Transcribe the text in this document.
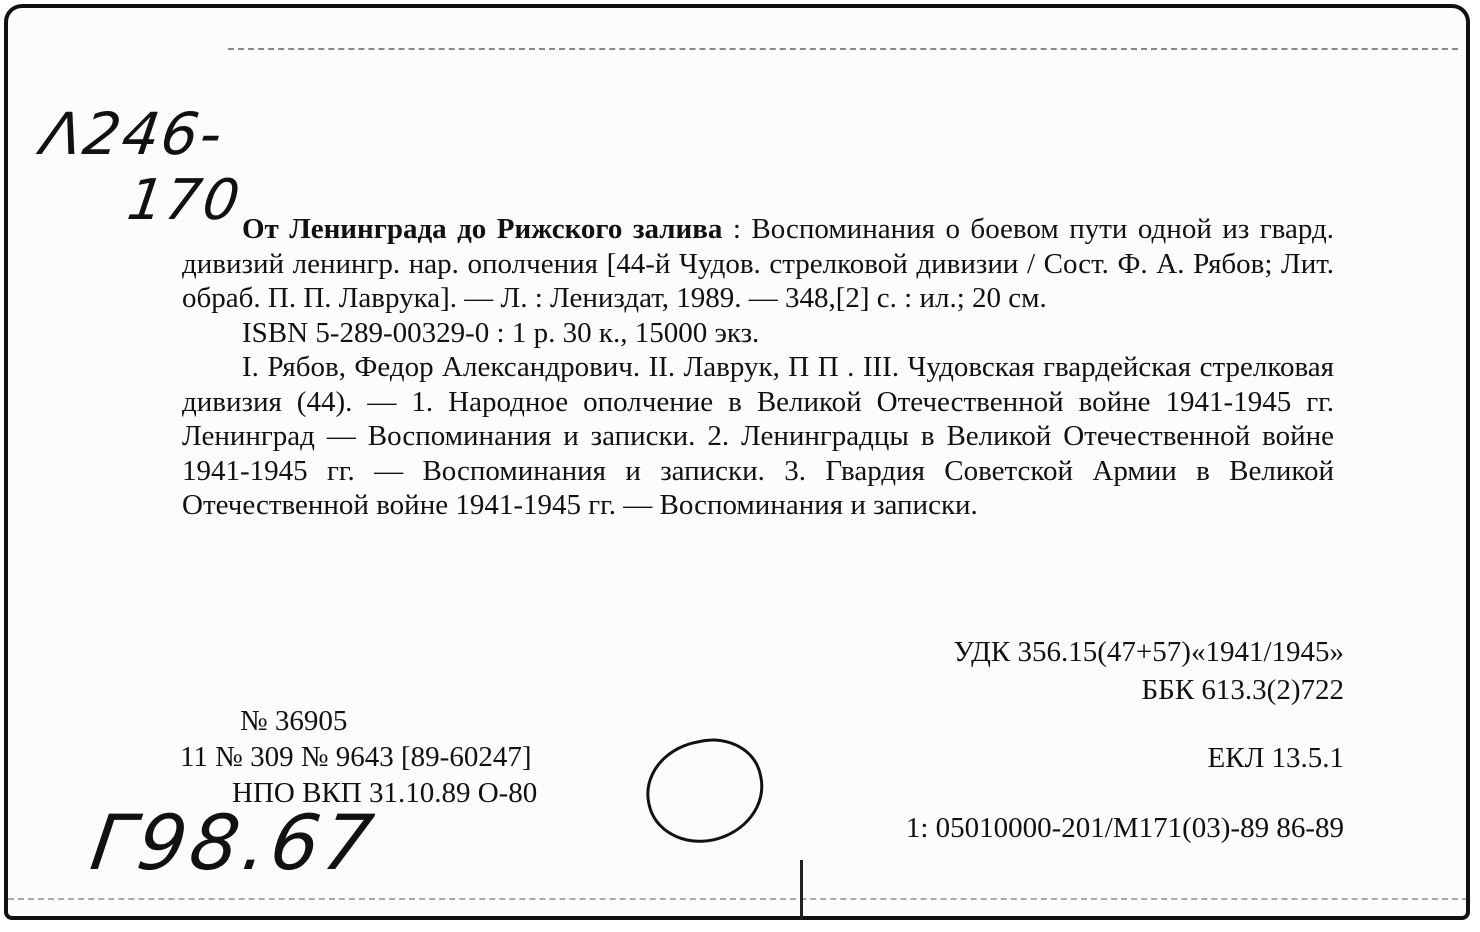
Λ246-
170
От Ленинграда до Рижского залива : Воспоминания о боевом пути одной из гвард. дивизий ленингр. нар. ополчения [44-й Чудов. стрелковой дивизии / Сост. Ф. А. Рябов; Лит. обраб. П. П. Лаврука]. — Л. : Лениздат, 1989. — 348,[2] с. : ил.; 20 см.
ISBN 5-289-00329-0 : 1 р. 30 к., 15000 экз.
I. Рябов, Федор Александрович. II. Лаврук, П П . III. Чудовская гвардейская стрелковая дивизия (44). — 1. Народное ополчение в Великой Отечественной войне 1941-1945 гг. Ленинград — Воспоминания и записки. 2. Ленинградцы в Великой Отечественной войне 1941-1945 гг. — Воспоминания и записки. 3. Гвардия Советской Армии в Великой Отечественной войне 1941-1945 гг. — Воспоминания и записки.
УДК 356.15(47+57)«1941/1945»
ББК 613.3(2)722
ЕКЛ 13.5.1
1: 05010000-201/М171(03)-89 86-89
№ 36905
11 № 309 № 9643 [89-60247]
НПО ВКП 31.10.89 О-80
Г98.67
